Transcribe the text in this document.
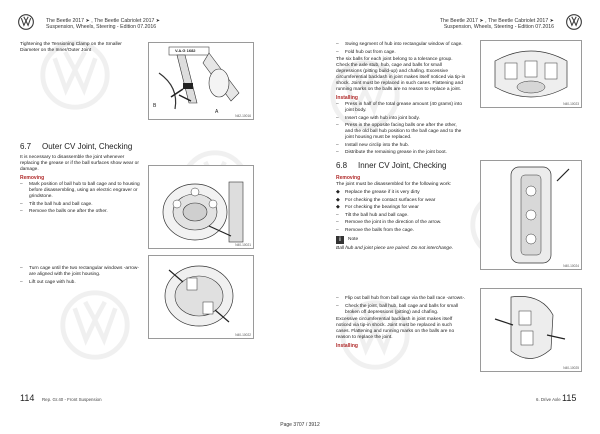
The Beetle 2017 ➤ , The Beetle Cabriolet 2017 ➤
Suspension, Wheels, Steering - Edition 07.2016

Tightening the Tensioning Clamp on the Smaller Diameter on the Inner/Outer Joint	V.A.G 1682
B
A
N42-10016
6.7 Outer CV Joint, Checking

It is necessary to disassemble the joint whenever replacing the grease or if the ball surfaces show wear or damage.

Removing
–	Mark position of ball hub to ball cage and to housing before disassembling, using an electric engraver or grindstone.
–	Tilt the ball hub and ball cage.
–	Remove the balls one after the other.
N40-10021
–	Turn cage until the two rectangular windows -arrow- are aligned with the joint housing.
–	Lift out cage with hub.
N40-10022
114 Rep. Gr.40 - Front Suspension
The Beetle 2017 ➤ , The Beetle Cabriolet 2017 ➤
Suspension, Wheels, Steering - Edition 07.2016
–	Swing segment of hub into rectangular window of cage.
–	Fold hub out from cage.

The six balls for each joint belong to a tolerance group. Check the axle stub, hub, cage and balls for small depressions (pitting build-up) and chafing. Excessive circumferential backlash in joint makes itself noticed via tip-in shock. Joint must be replaced in such cases. Flattening and running marks on the balls are no reason to replace a joint.

Installing
–	Press in half of the total grease amount (40 grams) into joint body.
–	Insert cage with hub into joint body.
–	Press in the opposite facing balls one after the other, and the old ball hub position to the ball cage and to the joint housing must be replaced.
–	Install new circlip into the hub.
–	Distribute the remaining grease in the joint boot.
6.8 Inner CV Joint, Checking
Removing

The joint must be disassembled for the following work:

◆	Replace the grease if it is very dirty
◆	For checking the contact surfaces for wear
◆	For checking the bearings for wear
–	Tilt the ball hub and ball cage.
–	Remove the joint in the direction of the arrow.
–	Remove the balls from the cage.
i	Note

Ball hub and joint piece are paired. Do not interchange.

–	Flip out ball hub from ball cage via the ball race -arrows-.
–	Check the joint, ball hub, ball cage and balls for small broken off depressions (pitting) and chafing.

Excessive circumferential backlash in joint makes itself noticed via tip-in shock. Joint must be replaced in such cases. Flattening and running marks on the balls are no reason to replace the joint.

Installing
N40-10023
N40-10024
N40-10025
6. Drive Axle 115
Page 3707 / 3912
